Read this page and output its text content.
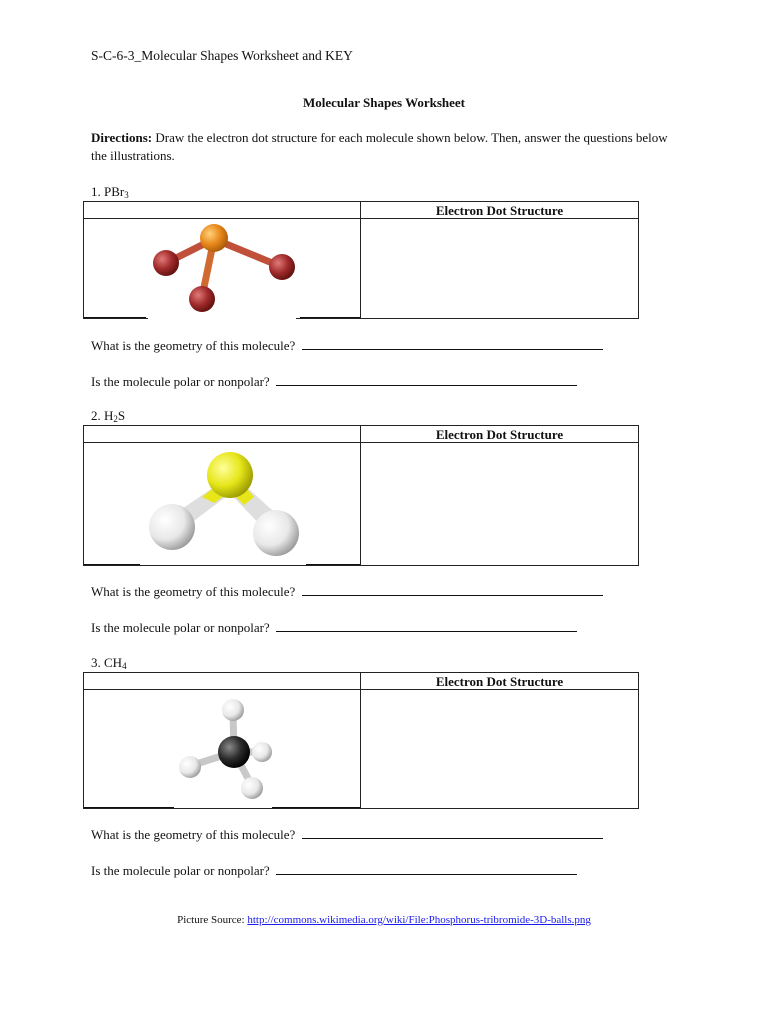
S-C-6-3_Molecular Shapes Worksheet and KEY
Molecular Shapes Worksheet
Directions: Draw the electron dot structure for each molecule shown below. Then, answer the questions below the illustrations.
1. PBr$_3$
Electron Dot Structure
What is the geometry of this molecule?
Is the molecule polar or nonpolar?
2. $H_2S$
Electron Dot Structure
What is the geometry of this molecule?
Is the molecule polar or nonpolar?
3. $CH_4$
Electron Dot Structure
What is the geometry of this molecule?
Is the molecule polar or nonpolar?
Picture Source: http://commons.wikimedia.org/wiki/File:Phosphorus-tribromide-3D-balls.png
